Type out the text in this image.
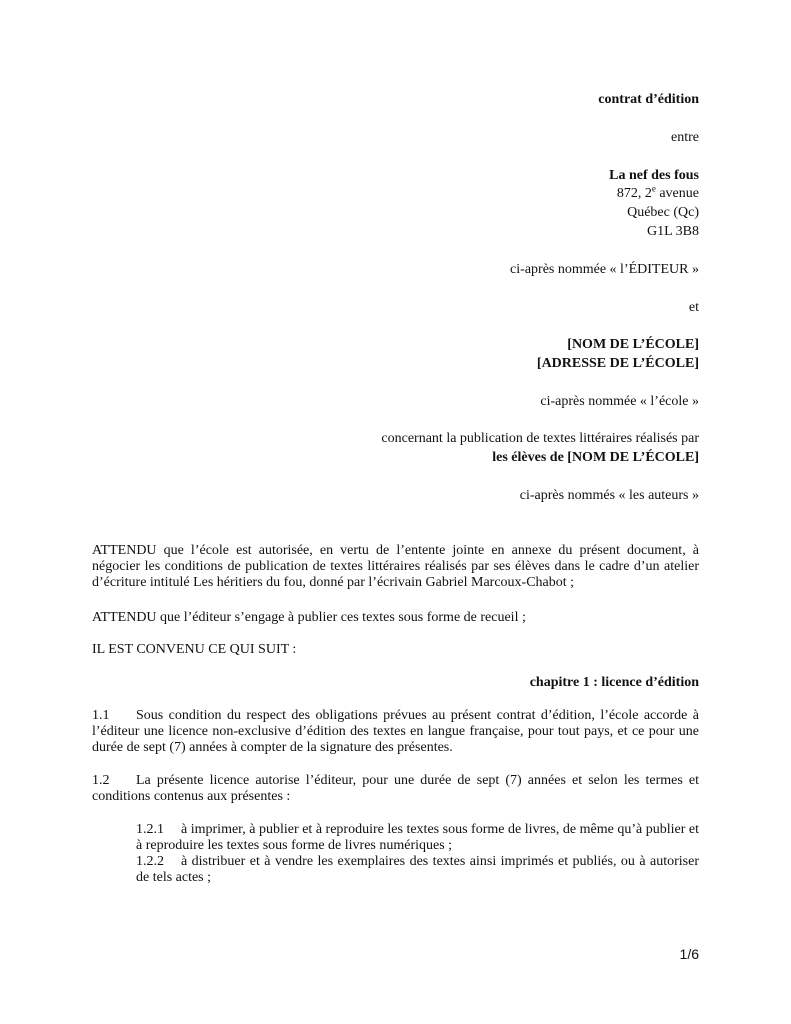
contrat d’édition
entre
La nef des fous
872, 2e avenue
Québec (Qc)
G1L 3B8
ci-après nommée « l’ÉDITEUR »
et
[NOM DE L’ÉCOLE]
[ADRESSE DE L’ÉCOLE]
ci-après nommée « l’école »
concernant la publication de textes littéraires réalisés par
les élèves de [NOM DE L’ÉCOLE]
ci-après nommés « les auteurs »
ATTENDU que l’école est autorisée, en vertu de l’entente jointe en annexe du présent document, à
négocier les conditions de publication de textes littéraires réalisés par ses élèves dans le cadre d’un atelier
d’écriture intitulé Les héritiers du fou, donné par l’écrivain Gabriel Marcoux-Chabot ;
ATTENDU que l’éditeur s’engage à publier ces textes sous forme de recueil ;
IL EST CONVENU CE QUI SUIT :
chapitre 1 : licence d’édition
1.1 Sous condition du respect des obligations prévues au présent contrat d’édition, l’école accorde à
l’éditeur une licence non-exclusive d’édition des textes en langue française, pour tout pays, et ce pour une
durée de sept (7) années à compter de la signature des présentes.
1.2 La présente licence autorise l’éditeur, pour une durée de sept (7) années et selon les termes et
conditions contenus aux présentes :
1.2.1 à imprimer, à publier et à reproduire les textes sous forme de livres, de même qu’à publier et à reproduire les textes sous forme de livres numériques ;
1.2.2 à distribuer et à vendre les exemplaires des textes ainsi imprimés et publiés, ou à autoriser de tels actes ;
1/6
